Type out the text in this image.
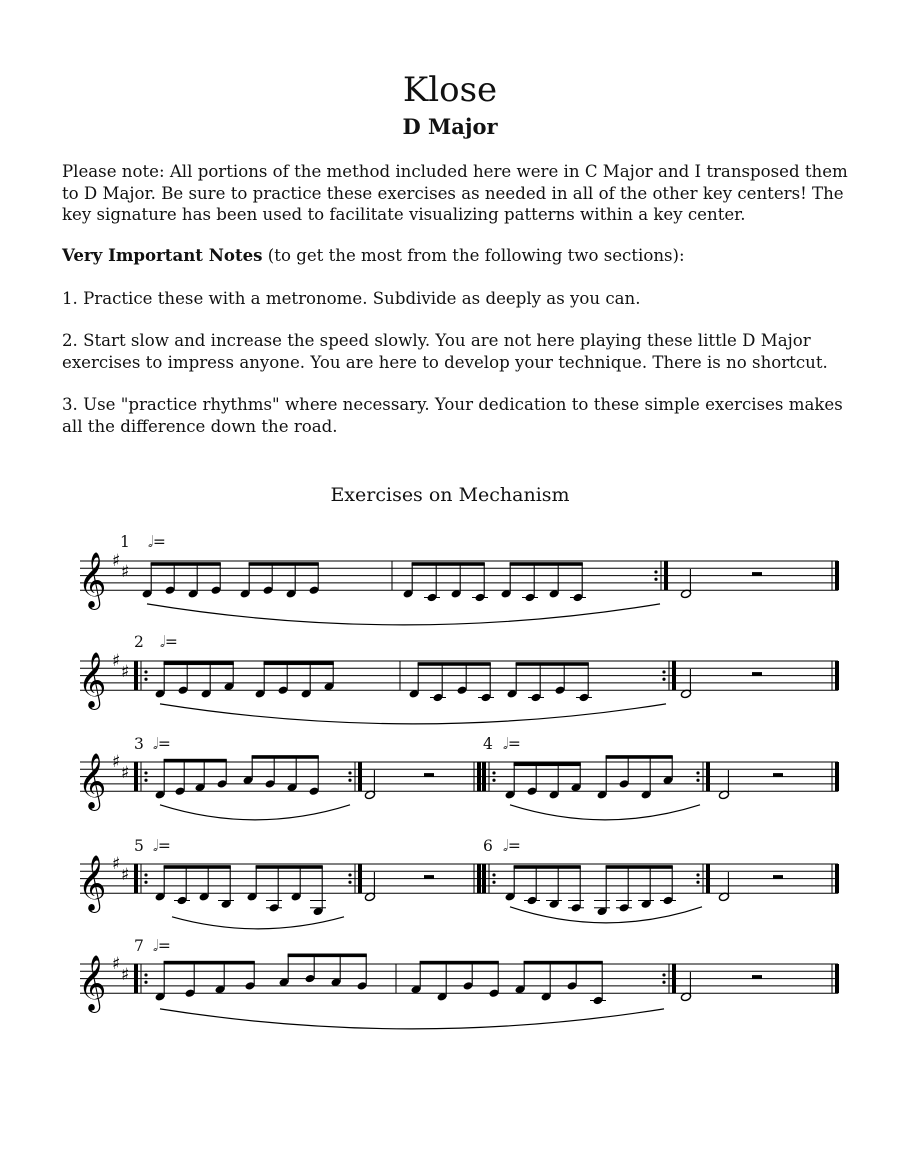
Klose
D Major

Please note: All portions of the method included here were in C Major and I transposed them to D Major. Be sure to practice these exercises as needed in all of the other key centers! The key signature has been used to facilitate visualizing patterns within a key center.

Very Important Notes (to get the most from the following two sections):

1. Practice these with a metronome. Subdivide as deeply as you can.

2. Start slow and increase the speed slowly. You are not here playing these little D Major exercises to impress anyone. You are here to develop your technique. There is no shortcut.

3. Use "practice rhythms" where necessary. Your dedication to these simple exercises makes all the difference down the road.

Exercises on Mechanism
1 𝅗𝅥=
2 𝅗𝅥=
3 𝅗𝅥=	4 𝅗𝅥=
5 𝅗𝅥=	6 𝅗𝅥=
7 𝅗𝅥=
𝄞 ♯
♯
𝄞 ♯
♯
𝄞 ♯
♯
𝄞 ♯
♯
𝄞 ♯
♯
